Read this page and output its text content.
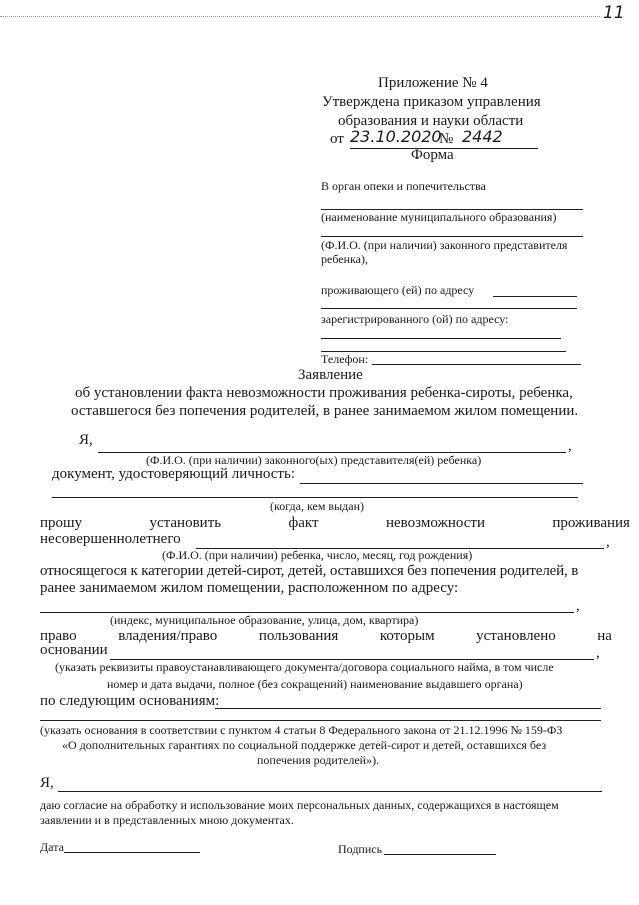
11
Приложение № 4
Утверждена приказом управления
образования и науки области
от 23.10.2020
№ 2442
Форма
В орган опеки и попечительства
(наименование муниципального образования)
(Ф.И.О. (при наличии) законного представителя
ребенка),
проживающего (ей) по адресу
зарегистрированного (ой) по адресу:
Телефон:
Заявление
об установлении факта невозможности проживания ребенка-сироты, ребенка,
оставшегося без попечения родителей, в ранее занимаемом жилом помещении.
Я,	,
(Ф.И.О. (при наличии) законного(ых) представителя(ей) ребенка)
документ, удостоверяющий личность:
(когда, кем выдан)
прошу	установить	факт	невозможности	проживания
несовершеннолетнего	,
(Ф.И.О. (при наличии) ребенка, число, месяц, год рождения)
относящегося к категории детей-сирот, детей, оставшихся без попечения родителей, в
ранее занимаемом жилом помещении, расположенном по адресу:
,
(индекс, муниципальное образование, улица, дом, квартира)
право	владения/право	пользования	которым	установлено	на
основании	,
(указать реквизиты правоустанавливающего документа/договора социального найма, в том числе
номер и дата выдачи, полное (без сокращений) наименование выдавшего органа)
по следующим основаниям:
(указать основания в соответствии с пунктом 4 статьи 8 Федерального закона от 21.12.1996 № 159-ФЗ
«О дополнительных гарантиях по социальной поддержке детей-сирот и детей, оставшихся без
попечения родителей»).
Я,
даю согласие на обработку и использование моих персональных данных, содержащихся в настоящем
заявлении и в представленных мною документах.
Дата	Подпись
